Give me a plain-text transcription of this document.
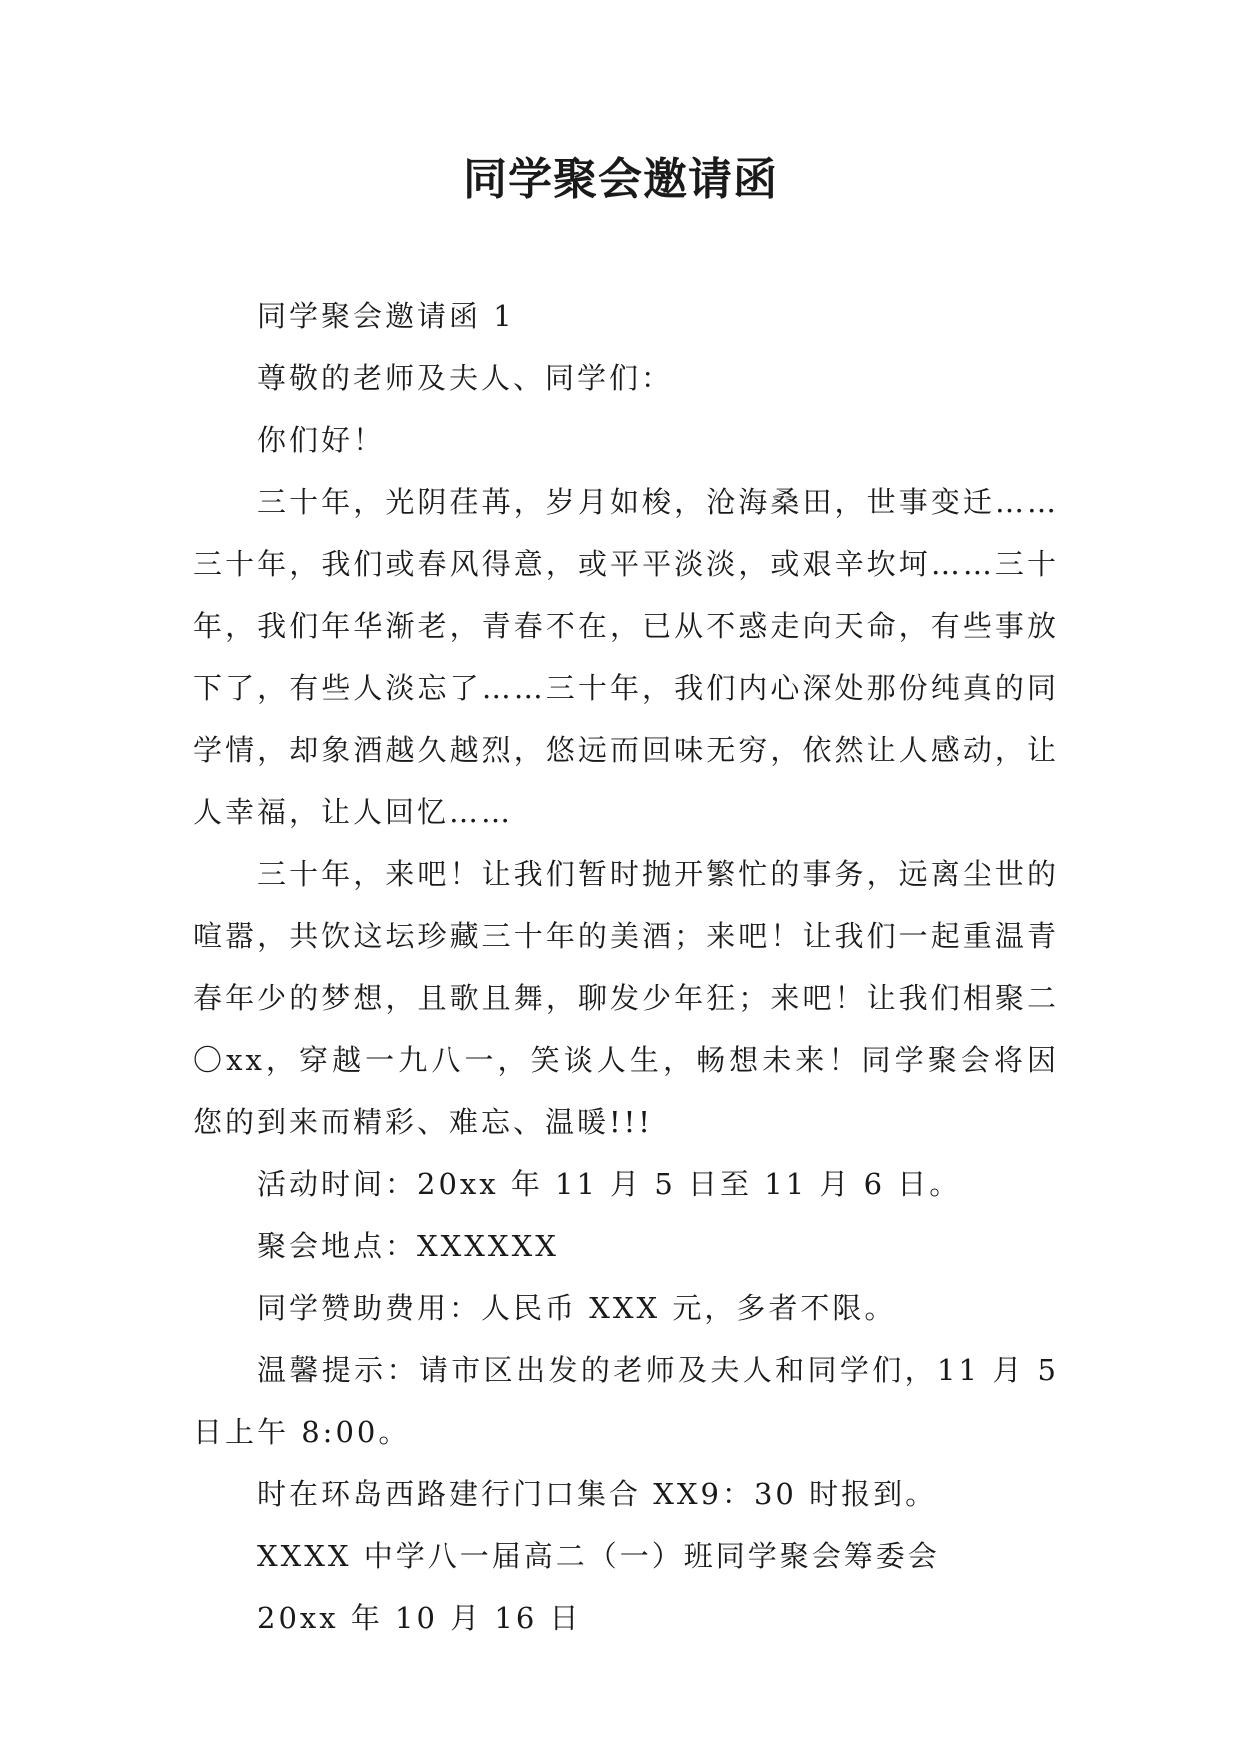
同学聚会邀请函

同学聚会邀请函 1

尊敬的老师及夫人、同学们：

你们好！

三十年，光阴荏苒，岁月如梭，沧海桑田，世事变迁……三十年，我们或春风得意，或平平淡淡，或艰辛坎坷……三十年，我们年华渐老，青春不在，已从不惑走向天命，有些事放下了，有些人淡忘了……三十年，我们内心深处那份纯真的同学情，却象酒越久越烈，悠远而回味无穷，依然让人感动，让人幸福，让人回忆……

三十年，来吧！让我们暂时抛开繁忙的事务，远离尘世的喧嚣，共饮这坛珍藏三十年的美酒；来吧！让我们一起重温青春年少的梦想，且歌且舞，聊发少年狂；来吧！让我们相聚二〇xx，穿越一九八一，笑谈人生，畅想未来！同学聚会将因您的到来而精彩、难忘、温暖!!!

活动时间：20xx 年 11 月 5 日至 11 月 6 日。

聚会地点：XXXXXX

同学赞助费用：人民币 XXX 元，多者不限。

温馨提示：请市区出发的老师及夫人和同学们，11 月 5 日上午 8:00。

时在环岛西路建行门口集合 XX9：30 时报到。

XXXX 中学八一届高二（一）班同学聚会筹委会

20xx 年 10 月 16 日
